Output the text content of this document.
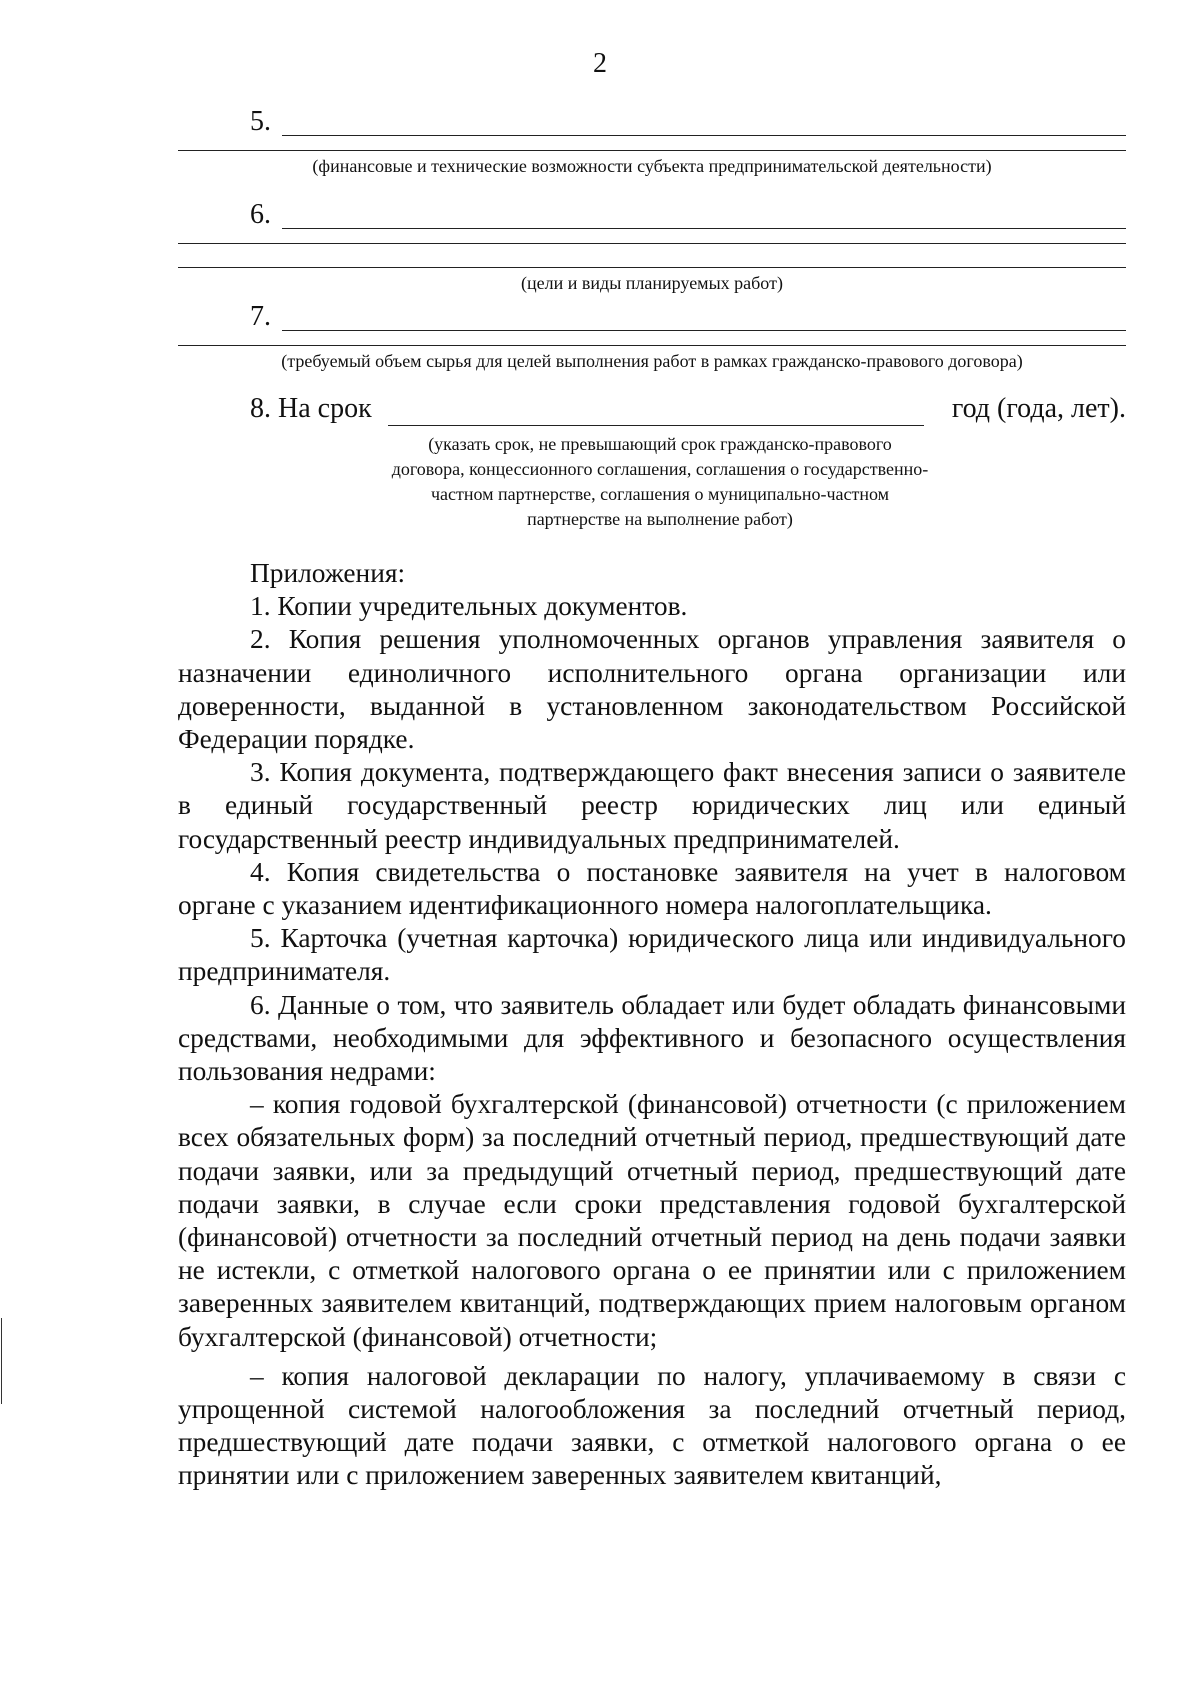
2
5.
(финансовые и технические возможности субъекта предпринимательской деятельности)
6.
(цели и виды планируемых работ)
7.
(требуемый объем сырья для целей выполнения работ в рамках гражданско-правового договора)
8. На срок	год (года, лет).
(указать срок, не превышающий срок гражданско-правового договора, концессионного соглашения, соглашения о государственно-частном партнерстве, соглашения о муниципально-частном партнерстве на выполнение работ)

Приложения:

1. Копии учредительных документов.

2. Копия решения уполномоченных органов управления заявителя о назначении единоличного исполнительного органа организации или доверенности, выданной в установленном законодательством Российской Федерации порядке.

3. Копия документа, подтверждающего факт внесения записи о заявителе в единый государственный реестр юридических лиц или единый государственный реестр индивидуальных предпринимателей.

4. Копия свидетельства о постановке заявителя на учет в налоговом органе с указанием идентификационного номера налогоплательщика.

5. Карточка (учетная карточка) юридического лица или индивидуального предпринимателя.

6. Данные о том, что заявитель обладает или будет обладать финансовыми средствами, необходимыми для эффективного и безопасного осуществления пользования недрами:

– копия годовой бухгалтерской (финансовой) отчетности (с приложением всех обязательных форм) за последний отчетный период, предшествующий дате подачи заявки, или за предыдущий отчетный период, предшествующий дате подачи заявки, в случае если сроки представления годовой бухгалтерской (финансовой) отчетности за последний отчетный период на день подачи заявки не истекли, с отметкой налогового органа о ее принятии или с приложением заверенных заявителем квитанций, подтверждающих прием налоговым органом бухгалтерской (финансовой) отчетности;

– копия налоговой декларации по налогу, уплачиваемому в связи с упрощенной системой налогообложения за последний отчетный период, предшествующий дате подачи заявки, с отметкой налогового органа о ее принятии или с приложением заверенных заявителем квитанций,
